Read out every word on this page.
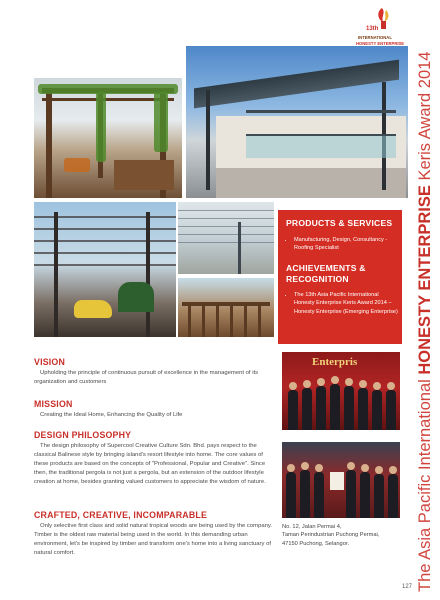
13th
INTERNATIONAL
HONESTY ENTERPRISE
PRODUCTS & SERVICES
• Manufacturing, Design, Consultancy - Roofing Specialist
ACHIEVEMENTS & RECOGNITION
• The 13th Asia Pacific International Honesty Enterprise Keris Award 2014 – Honesty Enterprise (Emerging Enterprise)
VISION

Upholding the principle of continuous pursuit of excellence in the management of its organization and customers

MISSION

Creating the Ideal Home, Enhancing the Quality of Life

DESIGN PHILOSOPHY

The design philosophy of Supercool Creative Culture Sdn. Bhd. pays respect to the classical Balinese style by bringing island's resort lifestyle into home. The core values of these products are based on the concepts of "Professional, Popular and Creative". Since then, the traditional pergola is not just a pergola, but an extension of the outdoor lifestyle creation at home, besides granting valued customers to appreciate the wisdom of nature.

CRAFTED, CREATIVE, INCOMPARABLE

Only selective first class and solid natural tropical woods are being used by the company. Timber is the oldest raw material being used in the world. In this demanding urban environment, let's be inspired by timber and transform one's home into a living sanctuary of natural comfort.

Enterpris
No. 12, Jalan Permai 4,
Taman Perindustrian Puchong Permai,
47150 Puchong, Selangor.	The Asia Pacific International HONESTY ENTERPRISE Keris Award 2014
127
